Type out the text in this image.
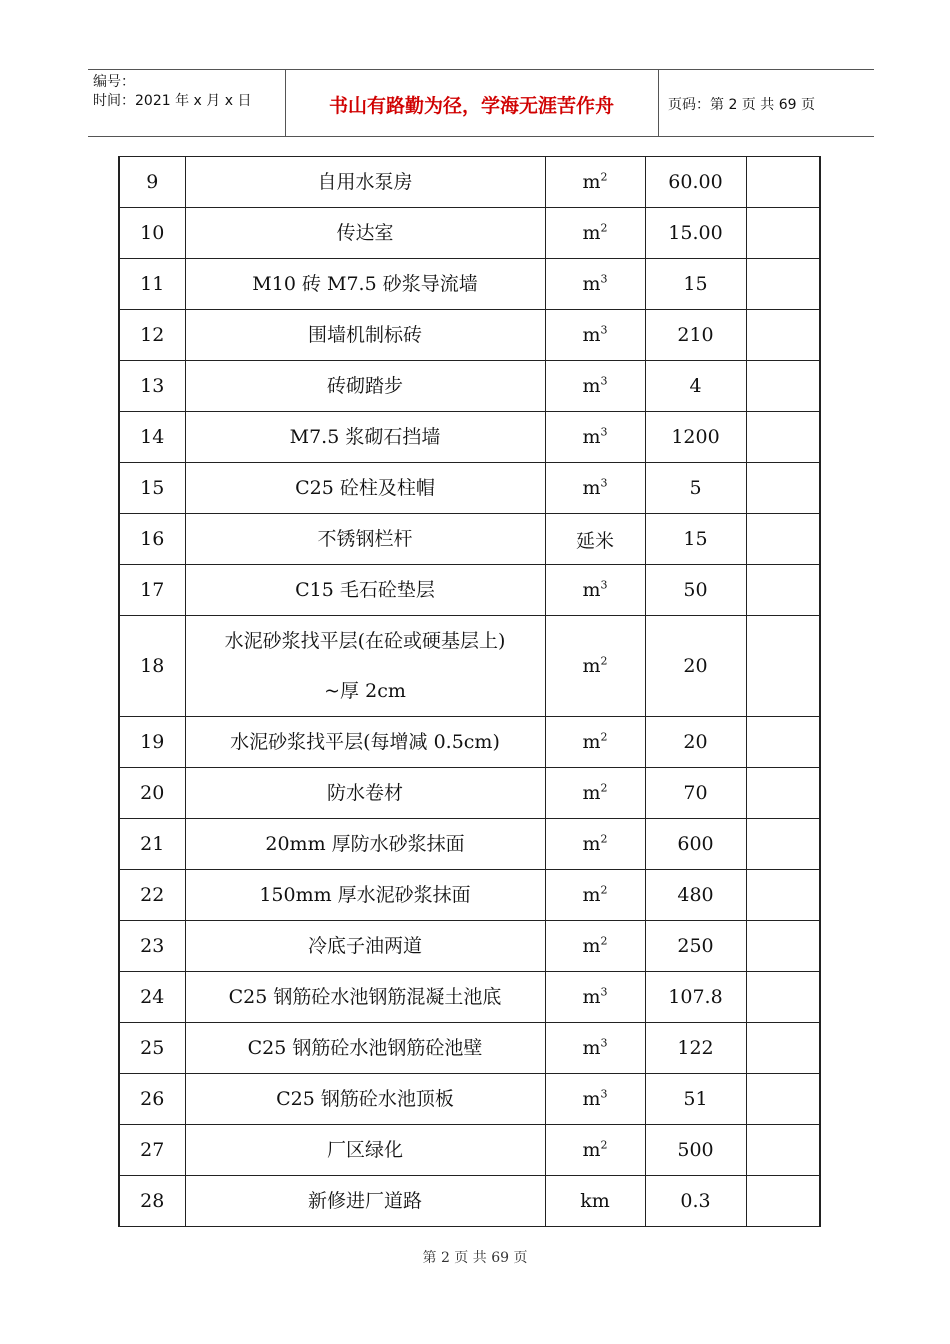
编号：
时间：2021 年 x 月 x 日	书山有路勤为径，学海无涯苦作舟	页码：第 2 页 共 69 页
9	自用水泵房	$m^2$	60.00	
10	传达室	$m^2$	15.00	
11	M10 砖 M7.5 砂浆导流墙	$m^3$	15	
12	围墙机制标砖	$m^3$	210	
13	砖砌踏步	$m^3$	4	
14	M7.5 浆砌石挡墙	$m^3$	1200	
15	C25 砼柱及柱帽	$m^3$	5	
16	不锈钢栏杆	延米	15	
17	C15 毛石砼垫层	$m^3$	50	
18	水泥砂浆找平层(在砼或硬基层上)
~厚 2cm	$m^2$	20	
19	水泥砂浆找平层(每增减 0.5cm)	$m^2$	20	
20	防水卷材	$m^2$	70	
21	20mm 厚防水砂浆抹面	$m^2$	600	
22	150mm 厚水泥砂浆抹面	$m^2$	480	
23	冷底子油两道	$m^2$	250	
24	C25 钢筋砼水池钢筋混凝土池底	$m^3$	107.8	
25	C25 钢筋砼水池钢筋砼池壁	$m^3$	122	
26	C25 钢筋砼水池顶板	$m^3$	51	
27	厂区绿化	$m^2$	500	
28	新修进厂道路	km	0.3	
第 2 页 共 69 页
